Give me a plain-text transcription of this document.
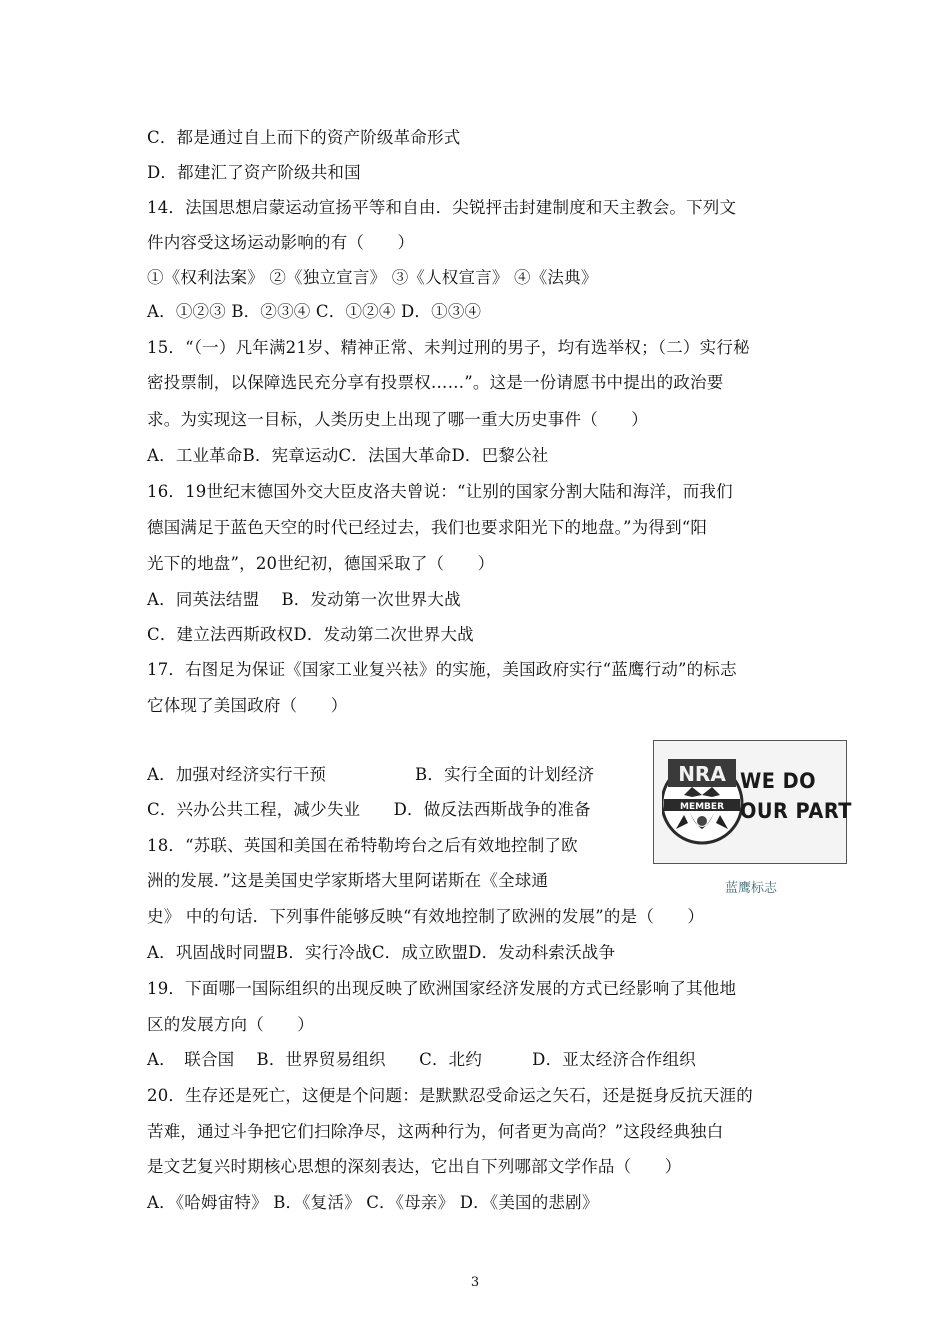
C．都是通过自上而下的资产阶级革命形式
D．都建汇了资产阶级共和国
14．法国思想启蒙运动宣扬平等和自由．尖锐抨击封建制度和天主教会。下列文
件内容受这场运动影响的有（　　）
①《权利法案》 ②《独立宣言》 ③《人权宣言》 ④《法典》
A．①②③ B．②③④ C．①②④ D．①③④
15．“（一）凡年满21岁、精神正常、未判过刑的男子，均有选举权；（二）实行秘
密投票制，以保障选民充分享有投票权……”。这是一份请愿书中提出的政治要
求。为实现这一目标，人类历史上出现了哪一重大历史事件（　　）
A．工业革命B．宪章运动C．法国大革命D．巴黎公社
16．19世纪末德国外交大臣皮洛夫曾说：“让别的国家分割大陆和海洋，而我们
德国满足于蓝色天空的时代已经过去，我们也要求阳光下的地盘。”为得到“阳
光下的地盘”，20世纪初，德国采取了（　　）
A．同英法结盟　 B．发动第一次世界大战
C．建立法西斯政权D．发动第二次世界大战
17．右图足为保证《国家工业复兴袪》的实施，美国政府实行“蓝鹰行动”的标志
它体现了美国政府（　　）
A．加强对经济实行干预　　　　　 B．实行全面的计划经济
C．兴办公共工程，减少失业　　D．做反法西斯战争的准备
18．“苏联、英国和美国在希特勒垮台之后有效地控制了欧
洲的发展．”这是美国史学家斯塔大里阿诺斯在《全球通
史》 中的句话．下列事件能够反映“有效地控制了欧洲的发展”的是（　　）
A．巩固战时同盟B．实行冷战C．成立欧盟D．发动科索沃战争
19．下面哪一国际组织的出现反映了欧洲国家经济发展的方式已经影响了其他地
区的发展方向（　　）
A．　联合国　 B．世界贸易组织　　C．北约　　　D．亚太经济合作组织
20．生存还是死亡，这便是个问题：是默默忍受命运之矢石，还是挺身反抗天涯的
苦难，通过斗争把它们扫除净尽，这两种行为，何者更为高尚？”这段经典独白
是文艺复兴时期核心思想的深刻表达，它出自下列哪部文学作品（　　）
A．《哈姆宙特》 B．《复活》 C．《母亲》 D．《美国的悲剧》
NRA
MEMBER
WE DO
OUR PART
蓝鹰标志
3
